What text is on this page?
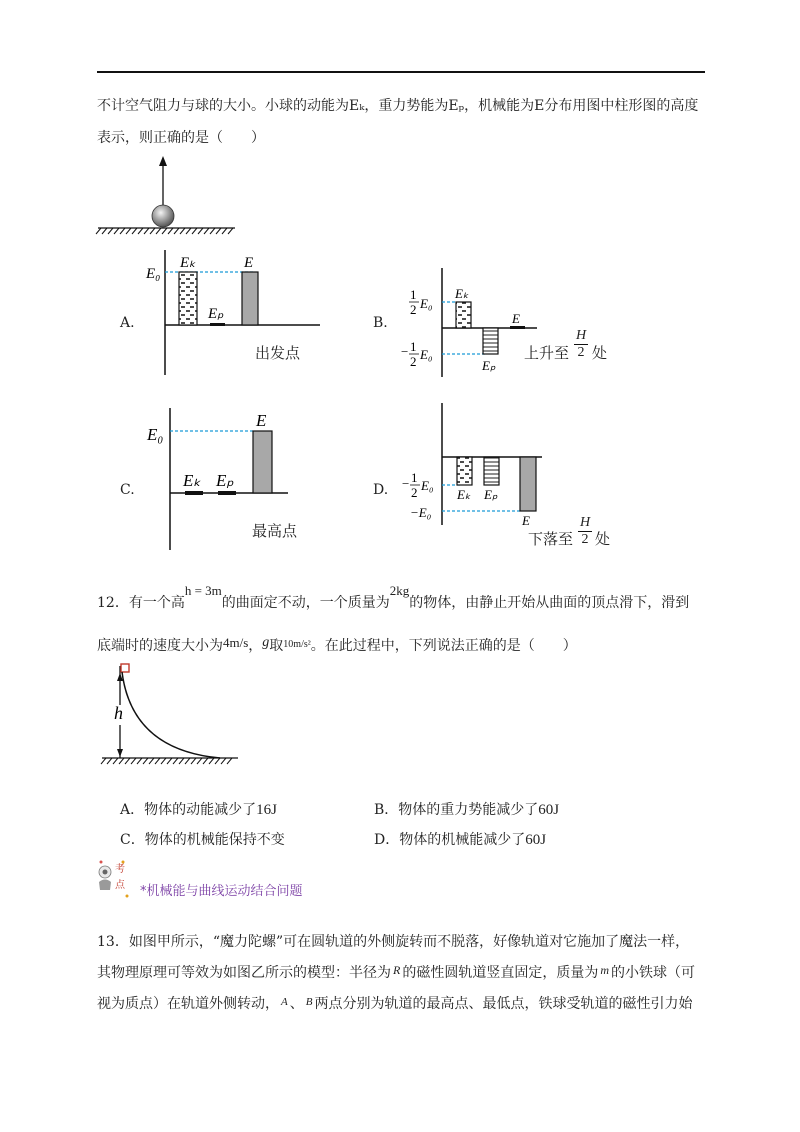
不计空气阻力与球的大小。小球的动能为Eₖ，重力势能为Eₚ，机械能为E分布用图中柱形图的高度
表示，则正确的是（　　）
A.
E₀
Eₖ
Eₚ
E
出发点
B.
1
2 E₀
Eₖ
− 1
2 E₀
Eₚ
E
上升至
H
2 处
C.
E₀
Eₖ Eₚ
E
最高点
D. − 1
2 E₀
−E₀
Eₖ Eₚ
E
下落至
H
2 处
12．有一个高h = 3m的曲面定不动，一个质量为2kg的物体，由静止开始从曲面的顶点滑下，滑到
底端时的速度大小为4m/s，g取$^{10m/s^2}$。在此过程中，下列说法正确的是（　　）
h
A．物体的动能减少了16J	B．物体的重力势能减少了60J
C．物体的机械能保持不变	D．物体的机械能减少了60J
考
点 *机械能与曲线运动结合问题
13．如图甲所示，“魔力陀螺”可在圆轨道的外侧旋转而不脱落，好像轨道对它施加了魔法一样，
其物理原理可等效为如图乙所示的模型：半径为 R 的磁性圆轨道竖直固定，质量为 m 的小铁球（可
视为质点）在轨道外侧转动， $^A$ 、 $^B$ 两点分别为轨道的最高点、最低点，铁球受轨道的磁性引力始
